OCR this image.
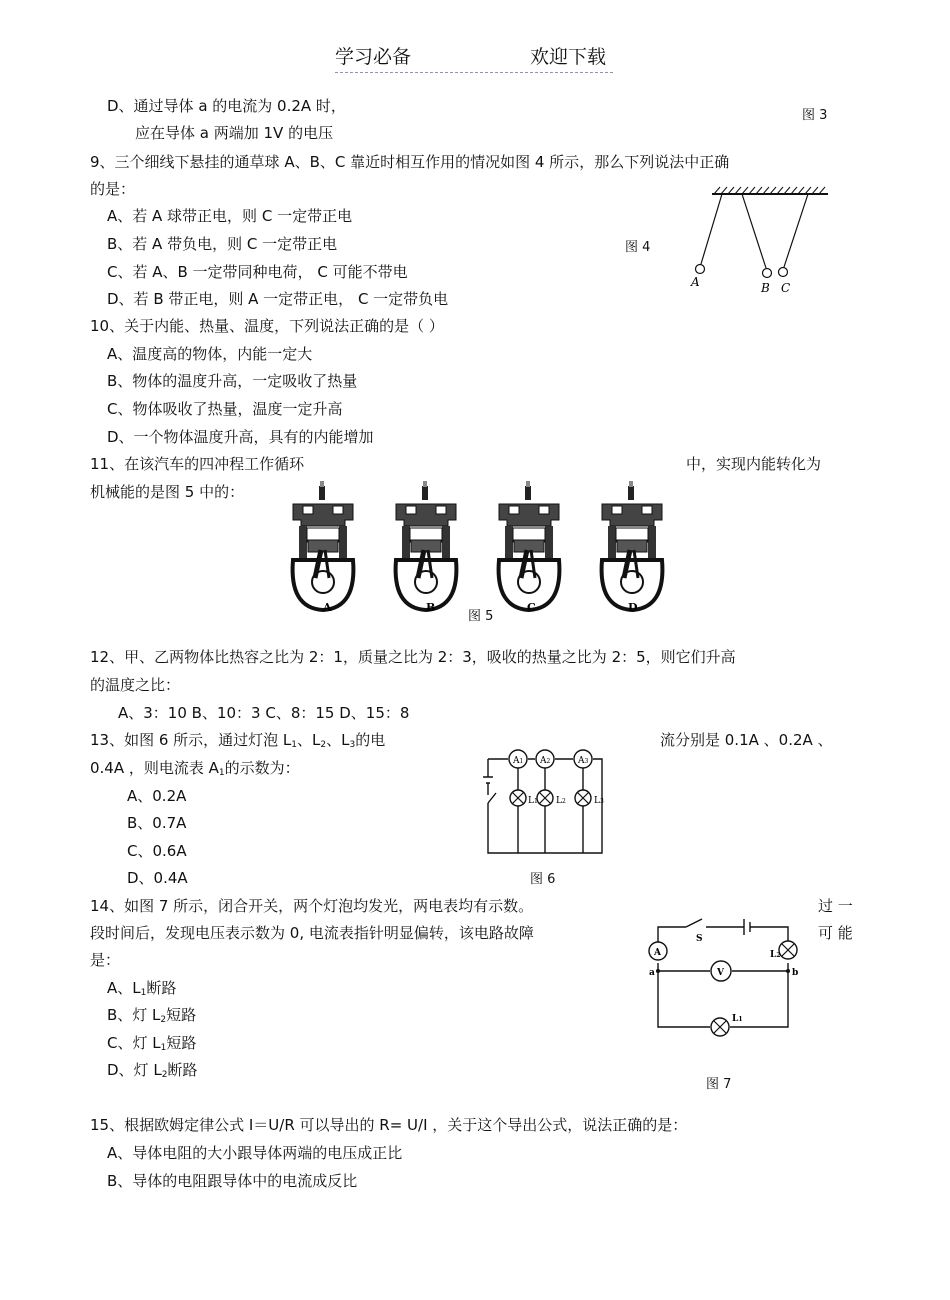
学习必备	欢迎下载
D、通过导体 a 的电流为 0.2A 时，
应在导体 a 两端加 1V 的电压
图 3
9、三个细线下悬挂的通草球 A、B、C 靠近时相互作用的情况如图 4 所示，那么下列说法中正确
的是：
A、若 A 球带正电，则 C 一定带正电
B、若 A 带负电，则 C 一定带正电
C、若 A、B 一定带同种电荷， C 可能不带电
D、若 B 带正电，则 A 一定带正电， C 一定带负电
图 4
A	B C
10、关于内能、热量、温度，下列说法正确的是（ ）
A、温度高的物体，内能一定大
B、物体的温度升高，一定吸收了热量
C、物体吸收了热量，温度一定升高
D、一个物体温度升高，具有的内能增加
11、在该汽车的四冲程工作循环	中，实现内能转化为
机械能的是图 5 中的：
A	B	C	D
图 5
12、甲、乙两物体比热容之比为 2：1，质量之比为 2：3，吸收的热量之比为 2：5，则它们升高
的温度之比：
A、3：10 B、10：3 C、8：15 D、15：8
13、如图 6 所示，通过灯泡 $L_1$、$L_2$、$L_3$的电	流分别是 0.1A 、0.2A 、
0.4A ，则电流表 $A_1$的示数为：
A、0.2A
B、0.7A
C、0.6A
D、0.4A
A1 A2	A3
L1 L2	L3
图 6
14、如图 7 所示，闭合开关，两个灯泡均发光，两电表均有示数。	过 一
段时间后，发现电压表示数为 0, 电流表指针明显偏转，该电路故障	可 能
是：
A、$L_1$断路
B、灯 $L_2$短路
C、灯 $L_1$短路
D、灯 $L_2$断路
A
V
S
L2
L1
a	b
图 7
15、根据欧姆定律公式 I＝U/R 可以导出的 R= U/I ，关于这个导出公式，说法正确的是：
A、导体电阻的大小跟导体两端的电压成正比
B、导体的电阻跟导体中的电流成反比
